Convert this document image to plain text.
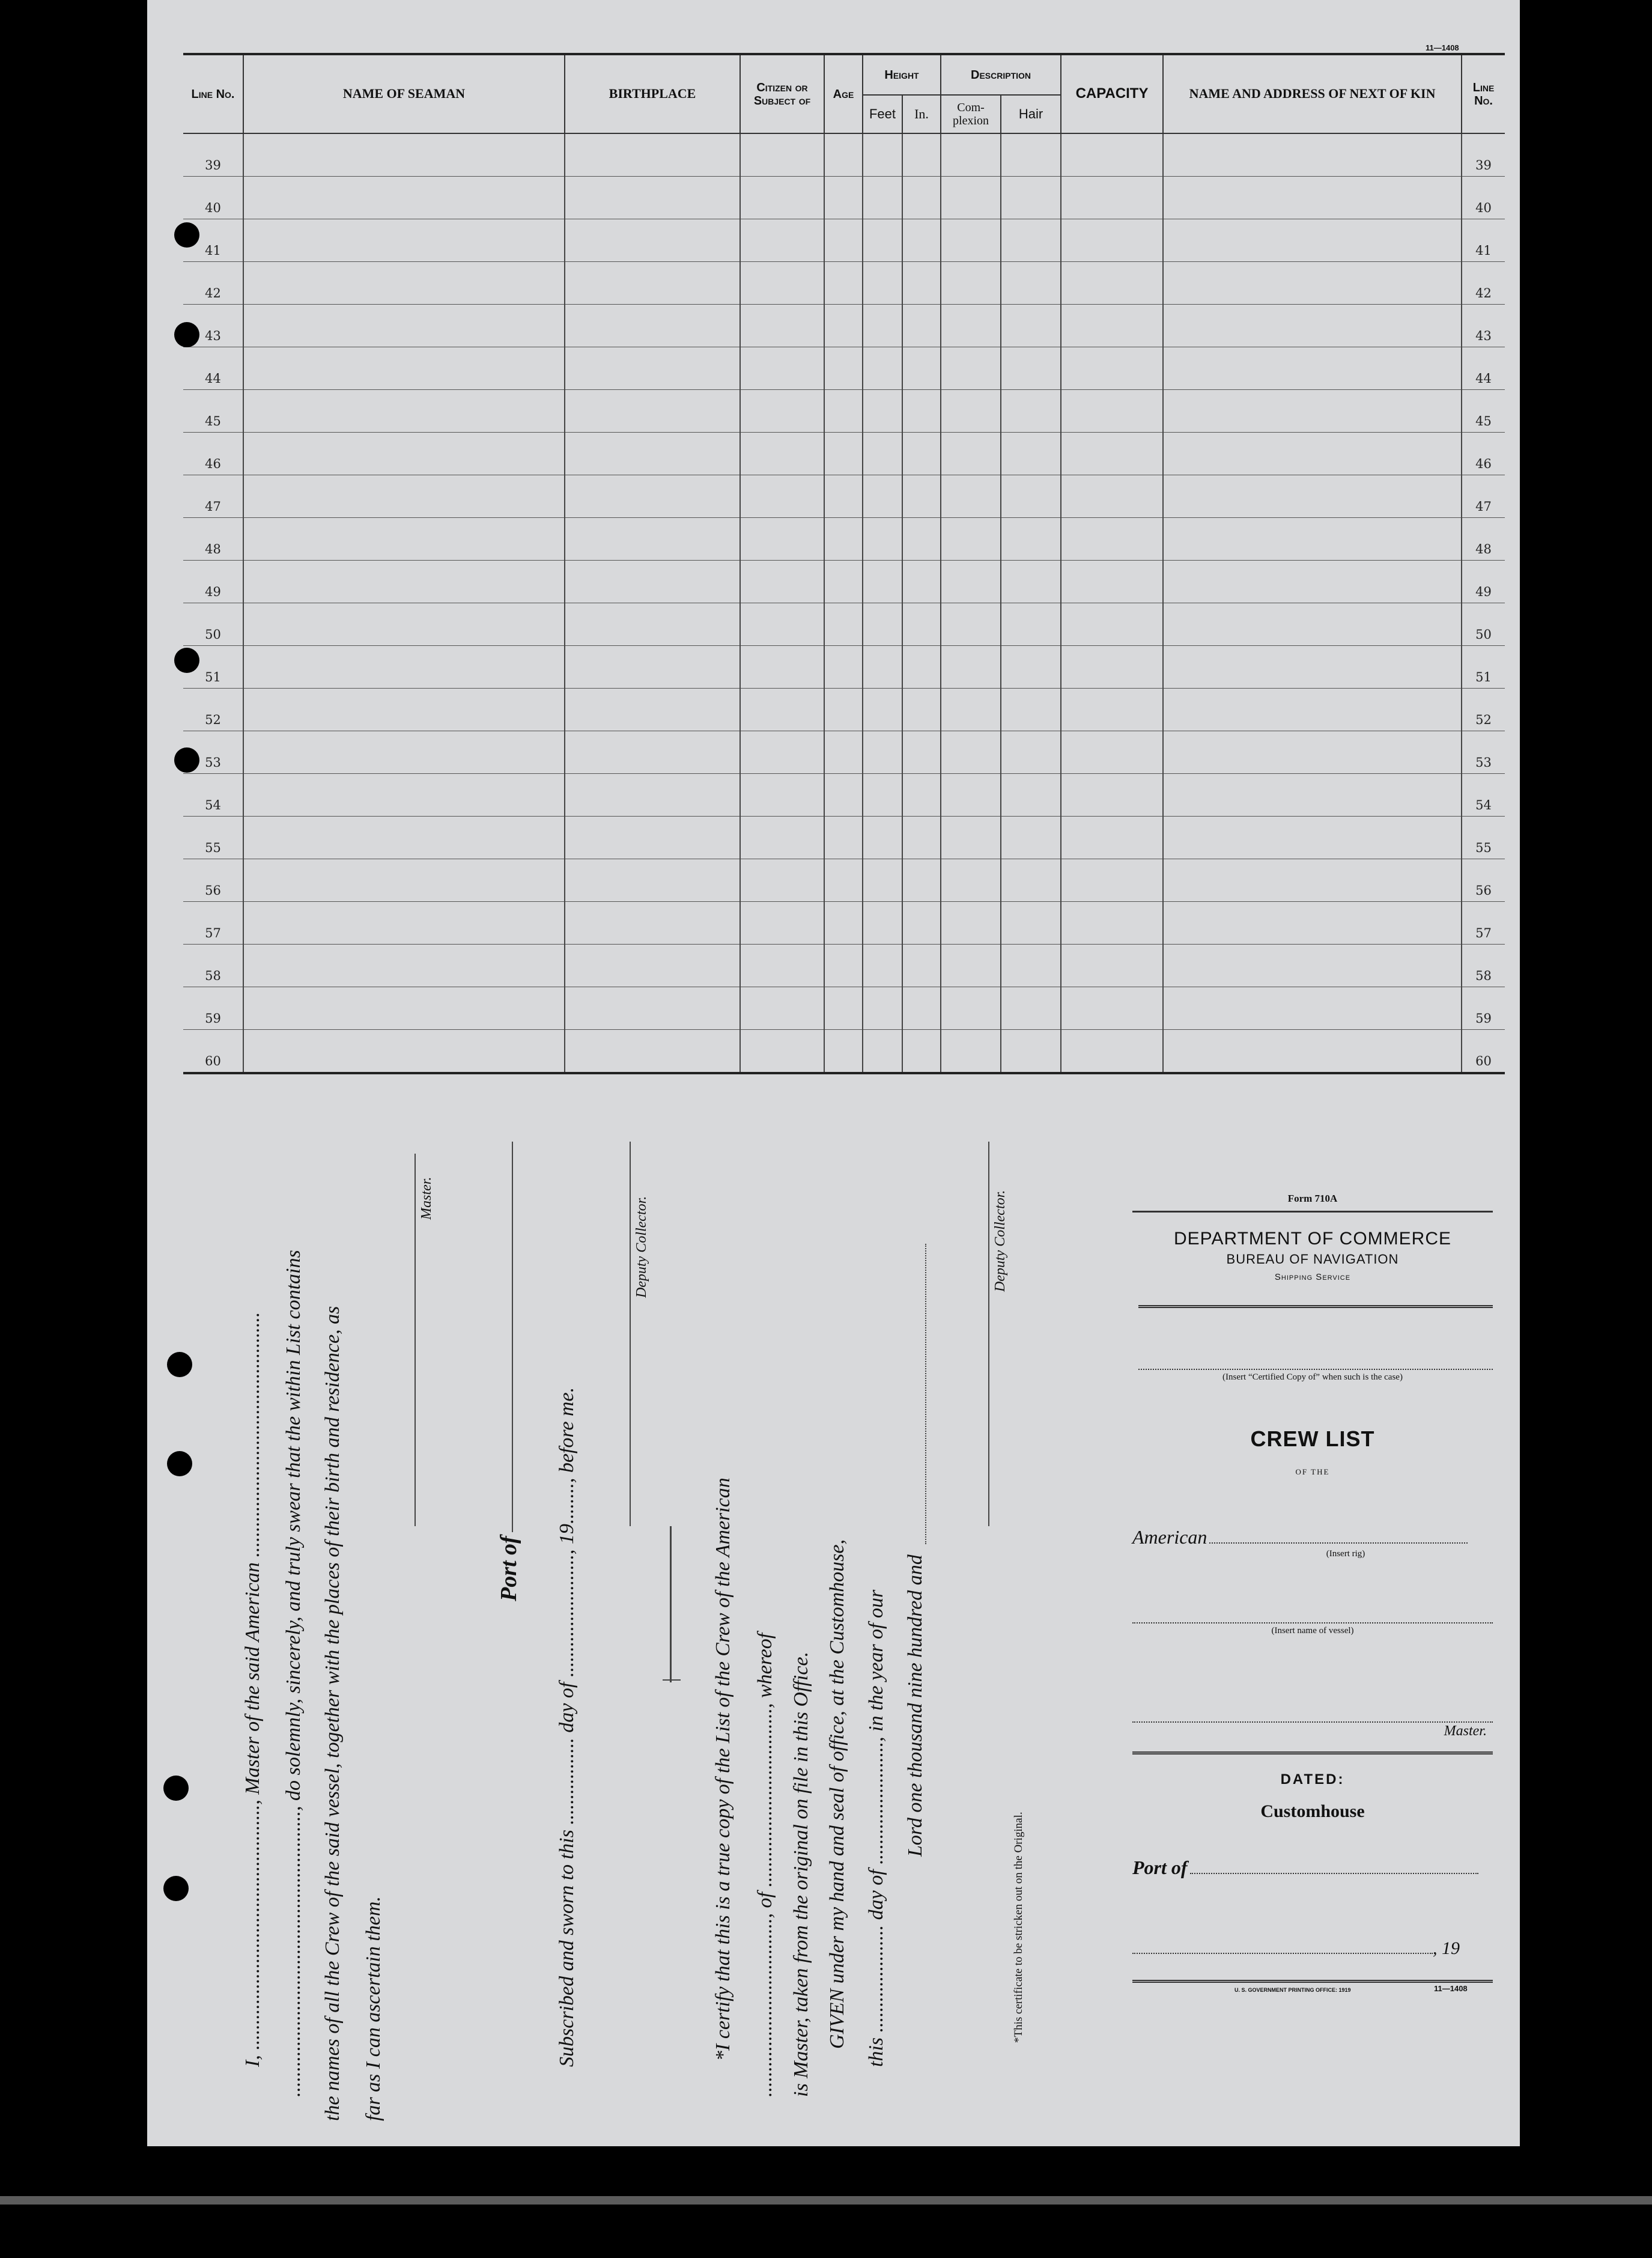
11—1408
Line No.	NAME OF SEAMAN	BIRTHPLACE	Citizen or Subject of	Age	Height		Description		CAPACITY	NAME AND ADDRESS OF NEXT OF KIN	Line No.
					Feet	In.	Com- plexion	Hair			
39											39
40											40
41											41
42											42
43											43
44											44
45											45
46											46
47											47
48											48
49											49
50											50
51											51
52											52
53											53
54											54
55											55
56											56
57											57
58											58
59											59
60											60
I, ................................................, Master of the said American ................................................ ........................................................, do solemnly, sincerely, and truly swear that the within List contains the names of all the Crew of the said vessel, together with the places of their birth and residence, as far as I can ascertain them.
Master.
Port of Subscribed and sworn to this ................. day of ........................, 19........, before me.
Deputy Collector.
*I certify that this is a true copy of the List of the Crew of the American ..................................., of ..................................., whereof is Master, taken from the original on file in this Office. GIVEN under my hand and seal of office, at the Customhouse, this ..................... day of ........................, in the year of our Lord one thousand nine hundred and
Deputy Collector.
*This certificate to be stricken out on the Original.
Form 710A
DEPARTMENT OF COMMERCE
BUREAU OF NAVIGATION
Shipping Service
(Insert “Certified Copy of” when such is the case)
CREW LIST
OF THE
American
(Insert rig)
(Insert name of vessel)
Master.
DATED:
Customhouse
Port of
, 19
U. S. GOVERNMENT PRINTING OFFICE: 1919	11—1408
